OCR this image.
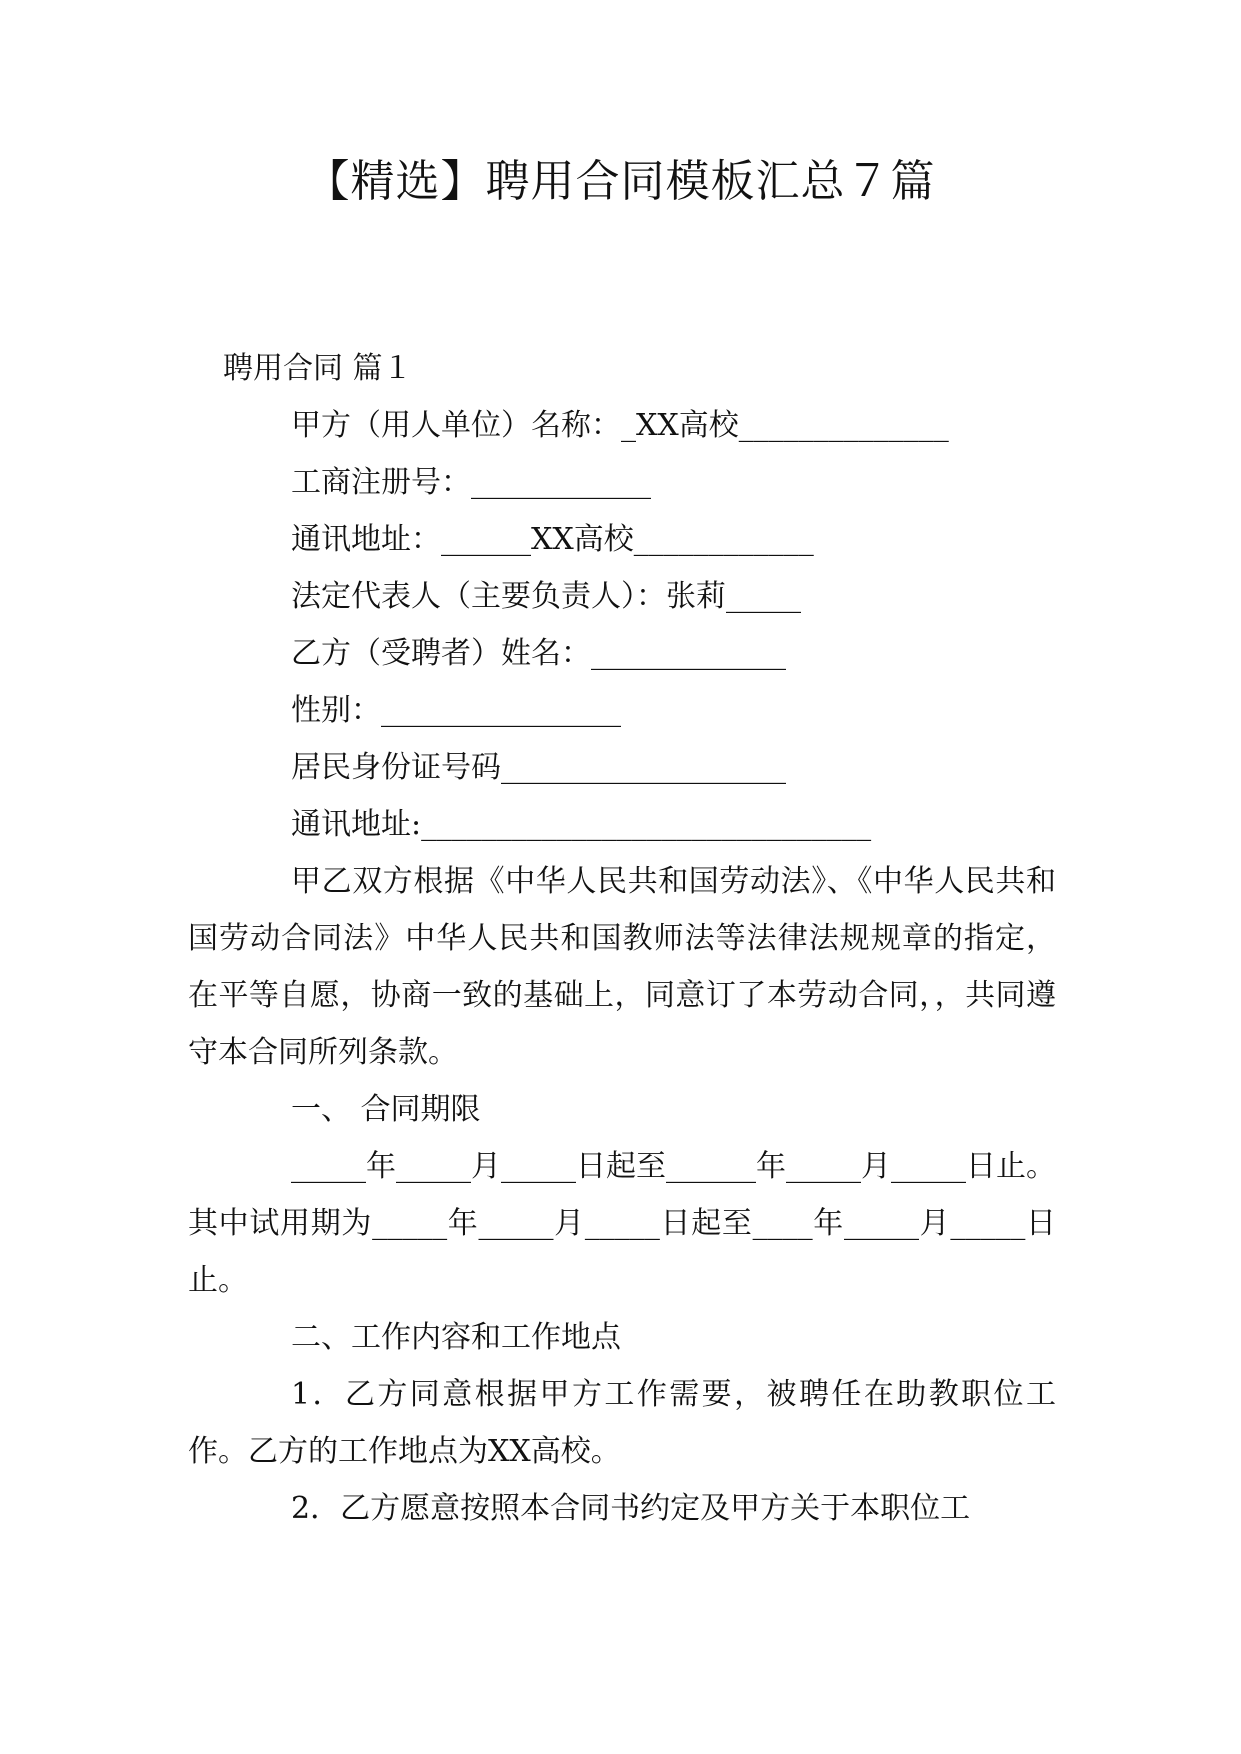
【精选】聘用合同模板汇总７篇

聘用合同 篇１

甲方（用人单位）名称：_XX高校______________

工商注册号：____________

通讯地址：______XX高校____________

法定代表人（主要负责人）：张莉_____

乙方（受聘者）姓名：_____________

性别：________________

居民身份证号码___________________

通讯地址:______________________________

甲乙双方根据《中华人民共和国劳动法》、《中华人民共和国劳动合同法》中华人民共和国教师法等法律法规规章的指定，在平等自愿，协商一致的基础上，同意订了本劳动合同，，共同遵守本合同所列条款。

一、 合同期限

_____年_____月_____日起至______年_____月_____日止。其中试用期为_____年_____月_____日起至____年_____月_____日止。

二、工作内容和工作地点

1．乙方同意根据甲方工作需要，被聘任在助教职位工作。乙方的工作地点为XX高校。

2．乙方愿意按照本合同书约定及甲方关于本职位工
